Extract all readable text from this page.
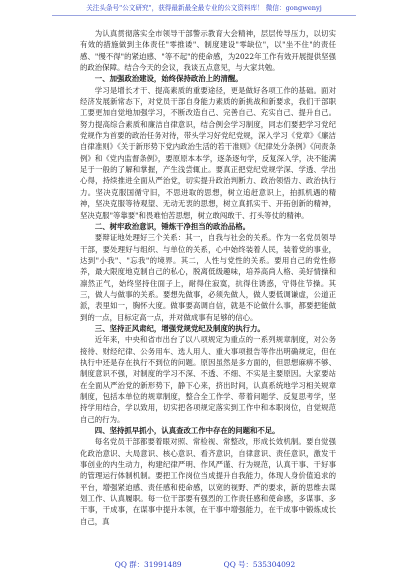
关注头条号"公文研究"，获得最新最全最专业的公文资料库！ 微信：gongwenyj

为认真贯彻落实全市领导干部警示教育大会精神，层层传导压力，以切实有效的措施做到主体责任"零推诿"、制度建设"零缺位"，以"坐不住"的责任感、"慢不得"的紧迫感、"等不起"的使命感，为2022年工作有效开展提供坚强的政治保障。结合今天的会议，我谈五点意见，与大家共勉。

一、加强政治建设，始终保持政治上的清醒。

学习是增长才干、提高素质的重要途径，更是做好各项工作的基础。面对经济发展新常态下，对党员干部自身能力素质的新挑战和新要求，我们干部职工要更加自觉地加强学习，不断改造自己、完善自己、充实自己、提升自己。努力提高综合素质和廉洁自律意识，结合例会学习制度，同志们要把学习党纪党规作为首要的政治任务对待，带头学习好党纪党规，深入学习《党章》《廉洁自律准则》《关于新形势下党内政治生活的若干准则》《纪律处分条例》《问责条例》和《党内监督条例》，要原原本本学，逐条逐句学，反复深入学，决不能满足于一般的了解和掌握，产生浅尝辄止。要真正把党纪党规学深、学透、学出心得，持续推进全面从严治党，切实提升政治判断力、政治领悟力、政治执行力。坚决克服国循守旧，不思进取的思想，树立追赶意识上，拍抓机遇的精神，坚决克服等待观望、无动无衷的思想，树立真抓实干、开拓创新的精神，坚决克服"等靠要"和畏难怕苦思想，树立敢闯敢干、打头等仗的精神。

二、树牢政治意识，锤炼干净担当的政治品格。

要辩证地处理好三个关系：其一，自我与社会的关系。作为一名党员领导干部，要处理好与组织、与单位的关系，心中始终装着人民，装着党的事业，达到"小我"、"忘我"的境界。其二，人性与党性的关系。要用自己的党性修养，最大限度地克制自己的私心，脱离低级趣味，培养高尚人格、美好情操和凛然正气，始终坚持住面子上，耐得住寂寞，抗得住诱惑，守得住节操。其三，做人与做事的关系。要想先做事，必须先做人，做人要低调谦虚，公道正派，表里如一，胸怀大度。做事要高调自信，就是不论做什么事，都要把能做到的一点，目标定高一点，并对做成事有足够的信心。

三、坚持正风肃纪，增强党规党纪及制度的执行力。

近年来，中央和省市出台了以八项规定为重点的一系列规章制度，对公务接待、财经纪律、公务用车、选人用人、重大事项报告等作出明确规定，但在执行中还是存在执行不到位的问题。原因虽然是多方面的，但思想麻痹不够、制度意识不强，对制度的学习不深、不透、不细、不实是主要原因。大家要站在全面从严治党的新形势下，静下心来，挤出时间，认真系统地学习相关规章制度，包括本单位的规章制度，整合全工作学、带着问题学、反复思考学，坚持学用结合，学以致用，切实把各项规定落实到工作中和本职岗位，自觉规范自己的行为。

四、坚持抓早抓小，认真查改工作中存在的问题和不足。

每名党员干部都要着眼对照、常检视、常整改，形成长效机制。要自觉强化政治意识、大局意识、核心意识、看齐意识，自律意识、责任意识，激发干事创业的内生动力，构建纪律严明、作风严谨、行为规范，认真干事、干好事的管理运行体制机制。要把工作岗位当成提升自我能力，体现人身价值追求的平台，增强紧迫感、责任感和使命感，以宽的视野、严的要求，新的思维去谋划工作、认真履职。每一位干部要有强烈的工作责任感和使命感，多谋事、多干事，干成事，在谋事中提升本领，在干事中增强能力，在干成事中锻炼成长自己，真

QQ 群：31991489	QQ 号：535304092
